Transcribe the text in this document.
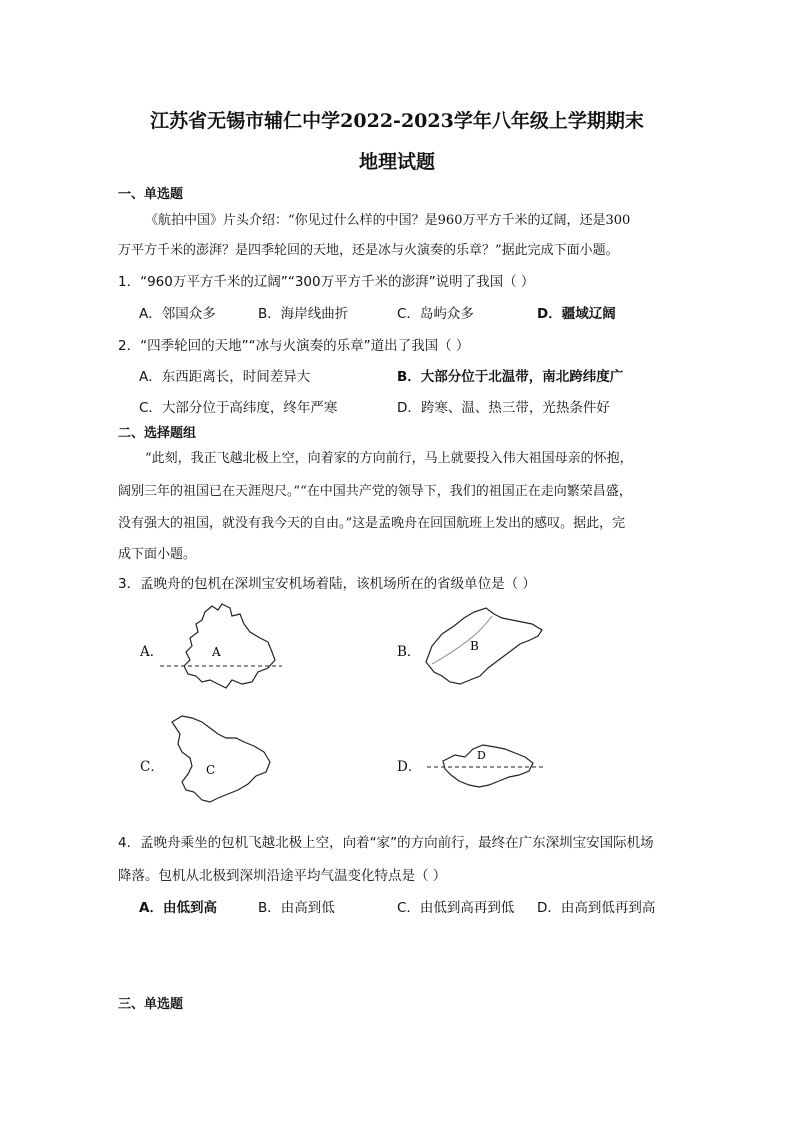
江苏省无锡市辅仁中学2022-2023学年八年级上学期期末
地理试题
一、单选题
《航拍中国》片头介绍：“你见过什么样的中国？是960万平方千米的辽阔，还是300
万平方千米的澎湃？是四季轮回的天地，还是冰与火演奏的乐章？”据此完成下面小题。
1．“960万平方千米的辽阔”“300万平方千米的澎湃”说明了我国（ ）
A．邻国众多	B．海岸线曲折	C．岛屿众多	D．疆域辽阔
2．“四季轮回的天地”“冰与火演奏的乐章”道出了我国（ ）
A．东西距离长，时间差异大	B．大部分位于北温带，南北跨纬度广
C．大部分位于高纬度，终年严寒	D．跨寒、温、热三带，光热条件好
二、选择题组
“此刻，我正飞越北极上空，向着家的方向前行，马上就要投入伟大祖国母亲的怀抱，
阔别三年的祖国已在天涯咫尺。”“在中国共产党的领导下，我们的祖国正在走向繁荣昌盛，
没有强大的祖国，就没有我今天的自由。”这是孟晚舟在回国航班上发出的感叹。据此，完
成下面小题。
3．孟晚舟的包机在深圳宝安机场着陆，该机场所在的省级单位是（ ）
A．	A	B．	B
C．	C	D．
D
4．孟晚舟乘坐的包机飞越北极上空，向着“家”的方向前行，最终在广东深圳宝安国际机场
降落。包机从北极到深圳沿途平均气温变化特点是（ ）
A．由低到高	B．由高到低	C．由低到高再到低 D．由高到低再到高
三、单选题
